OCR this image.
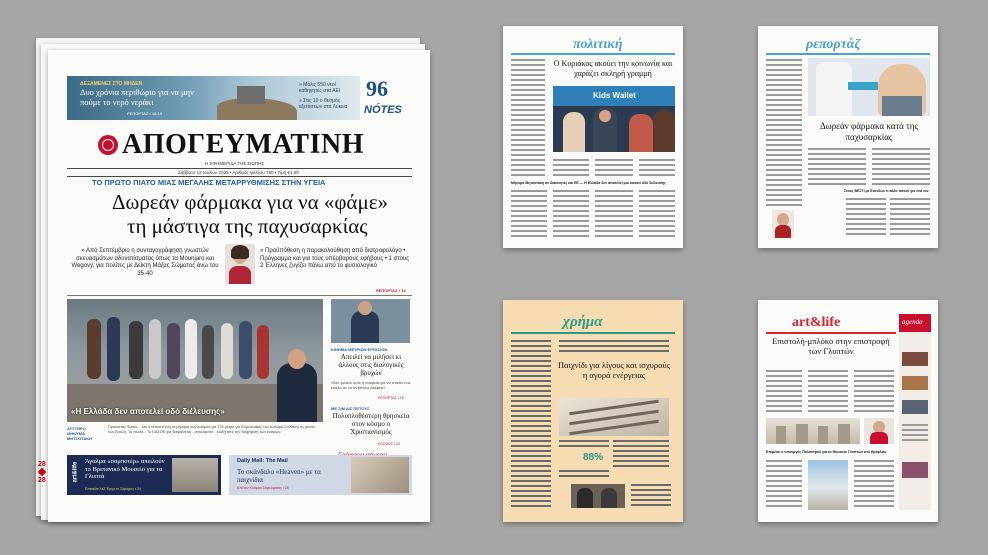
28
28
ΔΕΞΑΜΕΝΕΣ ΣΤΟ ΜΗΔΕΝ
Δυο χρόνια περιθώριο για να μην πούμε το νερό νεράκι
ΡΕΠΟΡΤΑΖ • 18-19
» Μόλις 550 νεοί καθηγητές στα ΑΕΙ
» Στις 10 ο θεσμός εξετάσεων στα Λύκεια
96
NÓTES
ΑΠΟΓΕΥΜΑΤΙΝΗ
Η ΕΦΗΜΕΡΙΔΑ ΤΗΣ ΣΙΩΠΗΣ
Σάββατο 12 Ιουλίου 2025 • Αριθμός φύλλου 760 • Τιμή €1,00
ΤΟ ΠΡΩΤΟ ΠΙΑΤΟ ΜΙΑΣ ΜΕΓΑΛΗΣ ΜΕΤΑΡΡΥΘΜΙΣΗΣ ΣΤΗΝ ΥΓΕΙΑ
Δωρεάν φάρμακα για να «φάμε»
τη μάστιγα της παχυσαρκίας
» Από Σεπτέμβριο η συνταγογράφηση γνωστών σκευασμάτων αδυνατίσματος όπως τα Mounjaro και Wegovy, για πολίτες με Δείκτη Μάζας Σώματος άνω του 35-40
» Προϋπόθεση η παρακολούθηση από διατροφολόγο • Πρόγραμμα και για τους υπέρβαρους εφήβους • 1 στους 2 Έλληνες ζυγίζει πάνω από το φυσιολογικό
ΡΕΠΟΡΤΑΖ • 14
«Η Ελλάδα δεν αποτελεί οδό διέλευσης»
ΚΙΝΗΜΑ ΜΕΤΡΙΩΝ ΕΡΓΑΣΙΩΝ
Απειλεί να μιλήσει κι άλλους στις διαλογικές βρυχών
«Δεν μιλάνε ούτε η εταιρεία για να σταλεί ένα τσάλα αν τα αντίπαλα σκεφτεί»
ΡΕΠΟΡΤΑΖ • 15
ΜΕ ΣΙΜ ΔΙΣ ΠΕΤΟΥΣ
Πολυπλοθέστερη θρησκεία στον κόσμο ο Χριστιανισμός
ΚΟΣΜΟΣ • 20
ΑΥΣΤΗΡΟ ΜΗΝΥΜΑ ΜΗΤΣΟΤΑΚΗ
Προτεσταν δεκτές ...και ό τέτοια πνοή το μήνυμα των κόσμου για 179 μέτρα για Ευρωπαϊκές τον κύτταρα Σύνθεση τις μενού των Βουλή. Το πλοία... Το ΠΑΣΟΚ για διαφαίνεται ...στυλόμεσο - κώδη από την διαχείριση των κόσμων.
art&life
Άγαλμα «σαμποτέρ» απειλούν το Βρετανικό Μουσείο για τα Γλυπτά
Επισκόπ ΛεΖ Έργο το Σάρορος • 24
Daily Mail: The Mail
Το σκάνδαλο «Heaven» με τα παιχνίδια
Επί τον Κόσμου Σειρεύματος • 26
πολιτική
Ο Κυριάκος ακούει την κοινωνία και χαράζει σκληρή γραμμή
Kids Wallet
Μήνυμα Μητσοτάκη σε διακινητές και ΕΕ — Η Ελλάδα δεν αποτελεί μια οικοτεί οδό διέλευσης
ρεπορτάζ
Δωρεάν φάρμακα κατά της παχυσαρκίας
Στους ΒΕΣΤΙ με Επειδών τι κάλο πόνου για ένα τον
χρήμα
Παιχνίδι για λίγους και ισχυρούς η αγορά ενέργειας
88%
art&life	agenda
Επιστολή-μπλόκο στην επιστροφή των Γλυπτών
Επιμένει ο υπουργός Πολιτισμού για το Μουσείο Γλυπτών στο Ηράκλειο
